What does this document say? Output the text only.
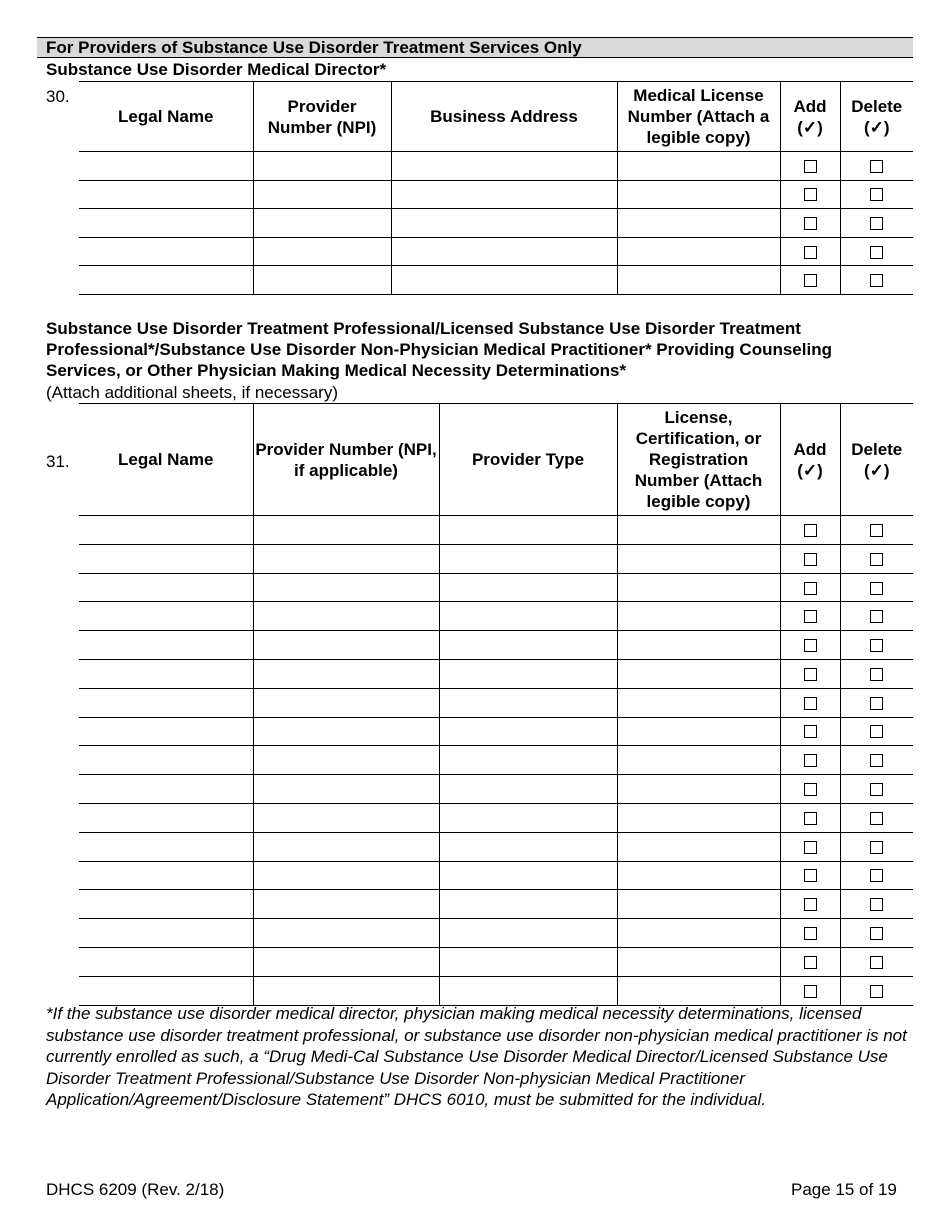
For Providers of Substance Use Disorder Treatment Services Only
Substance Use Disorder Medical Director*
30.
Legal Name	Provider Number (NPI)	Business Address	Medical License Number (Attach a legible copy)	Add (✓)	Delete (✓)

Substance Use Disorder Treatment Professional/Licensed Substance Use Disorder Treatment Professional*/Substance Use Disorder Non-Physician Medical Practitioner* Providing Counseling Services, or Other Physician Making Medical Necessity Determinations*
(Attach additional sheets, if necessary)
31.	Legal Name	Provider Number (NPI, if applicable)	Provider Type	License, Certification, or Registration Number (Attach legible copy)	Add (✓)	Delete (✓)

*If the substance use disorder medical director, physician making medical necessity determinations, licensed substance use disorder treatment professional, or substance use disorder non-physician medical practitioner is not currently enrolled as such, a “Drug Medi-Cal Substance Use Disorder Medical Director/Licensed Substance Use Disorder Treatment Professional/Substance Use Disorder Non-physician Medical Practitioner Application/Agreement/Disclosure Statement” DHCS 6010, must be submitted for the individual.
DHCS 6209 (Rev. 2/18)	Page 15 of 19
